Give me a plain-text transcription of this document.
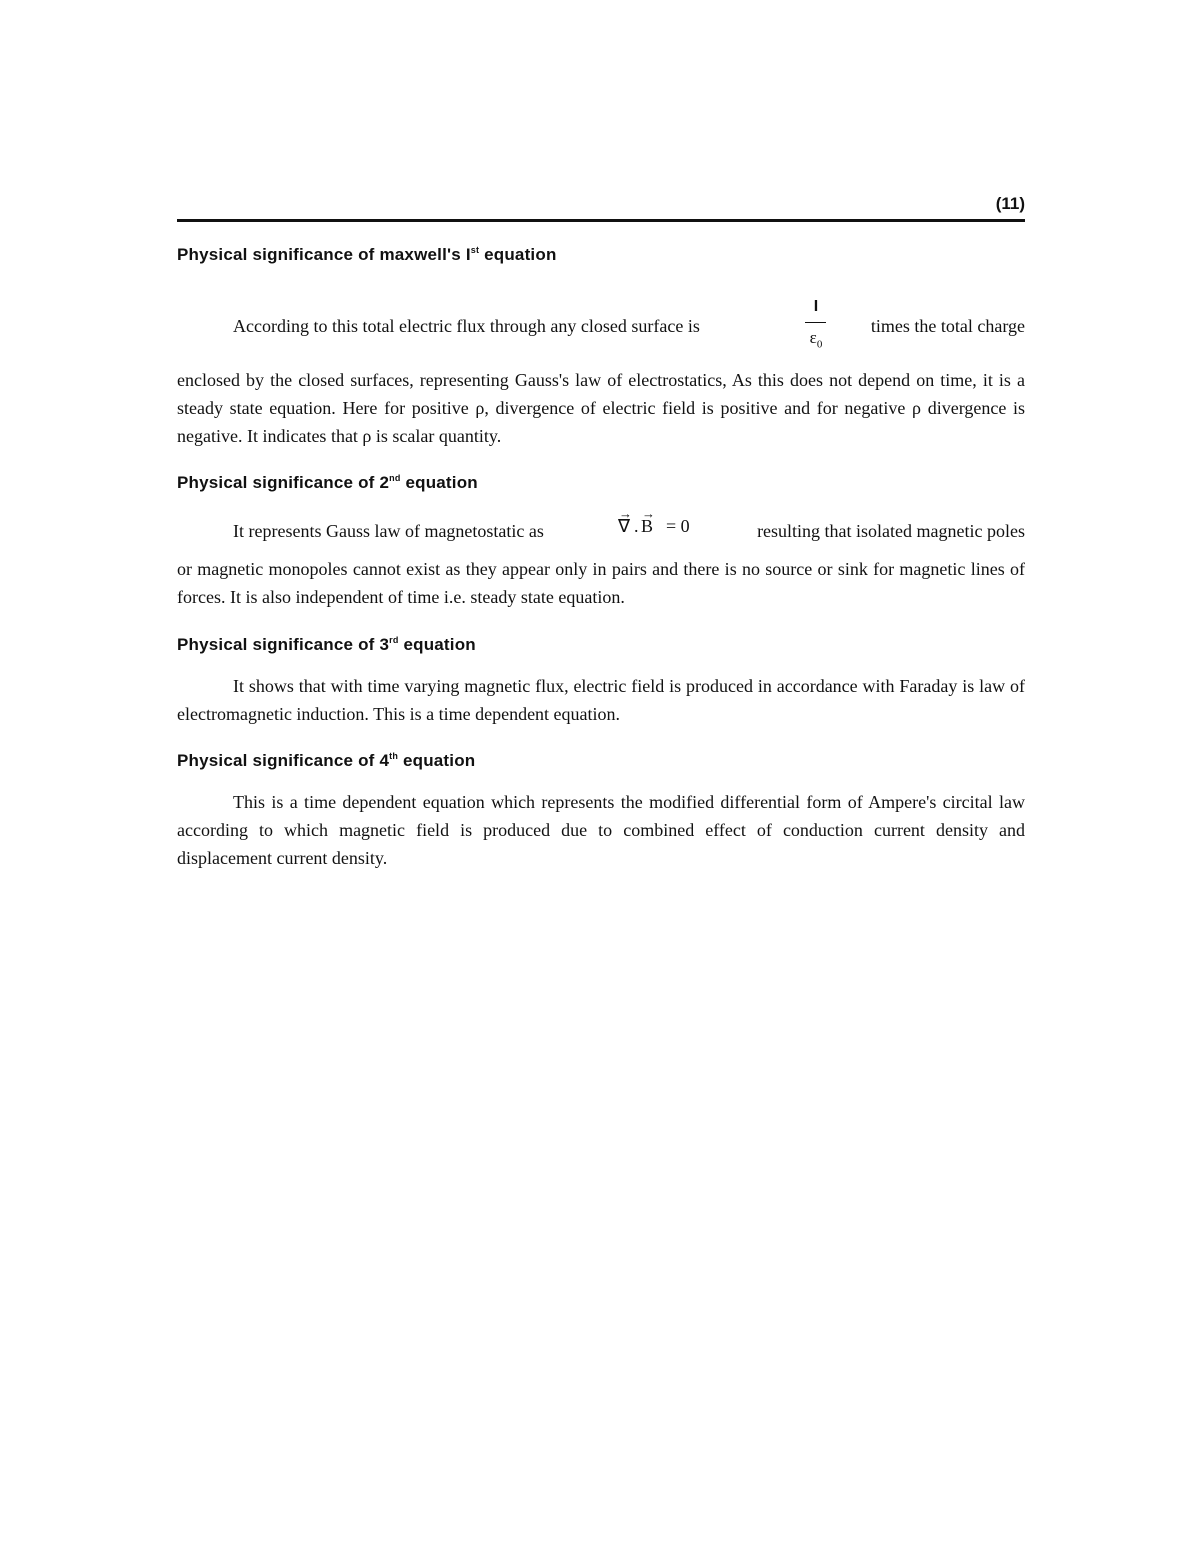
(11)
Physical significance of maxwell's Ist equation
According to this total electric flux through any closed surface is	times the total charge
I
$\varepsilon_0$
enclosed by the closed surfaces, representing Gauss's law of electrostatics, As this does not depend on time, it is a steady state equation. Here for positive ρ, divergence of electric field is positive and for negative ρ divergence is negative. It indicates that ρ is scalar quantity.
Physical significance of 2nd equation
It represents Gauss law of magnetostatic as	resulting that isolated magnetic poles
→
∇ .
→
B = 0
or magnetic monopoles cannot exist as they appear only in pairs and there is no source or sink for magnetic lines of forces. It is also independent of time i.e. steady state equation.
Physical significance of 3rd equation
It shows that with time varying magnetic flux, electric field is produced in accordance with Faraday is law of electromagnetic induction. This is a time dependent equation.
Physical significance of 4th equation
This is a time dependent equation which represents the modified differential form of Ampere's circital law according to which magnetic field is produced due to combined effect of conduction current density and displacement current density.
